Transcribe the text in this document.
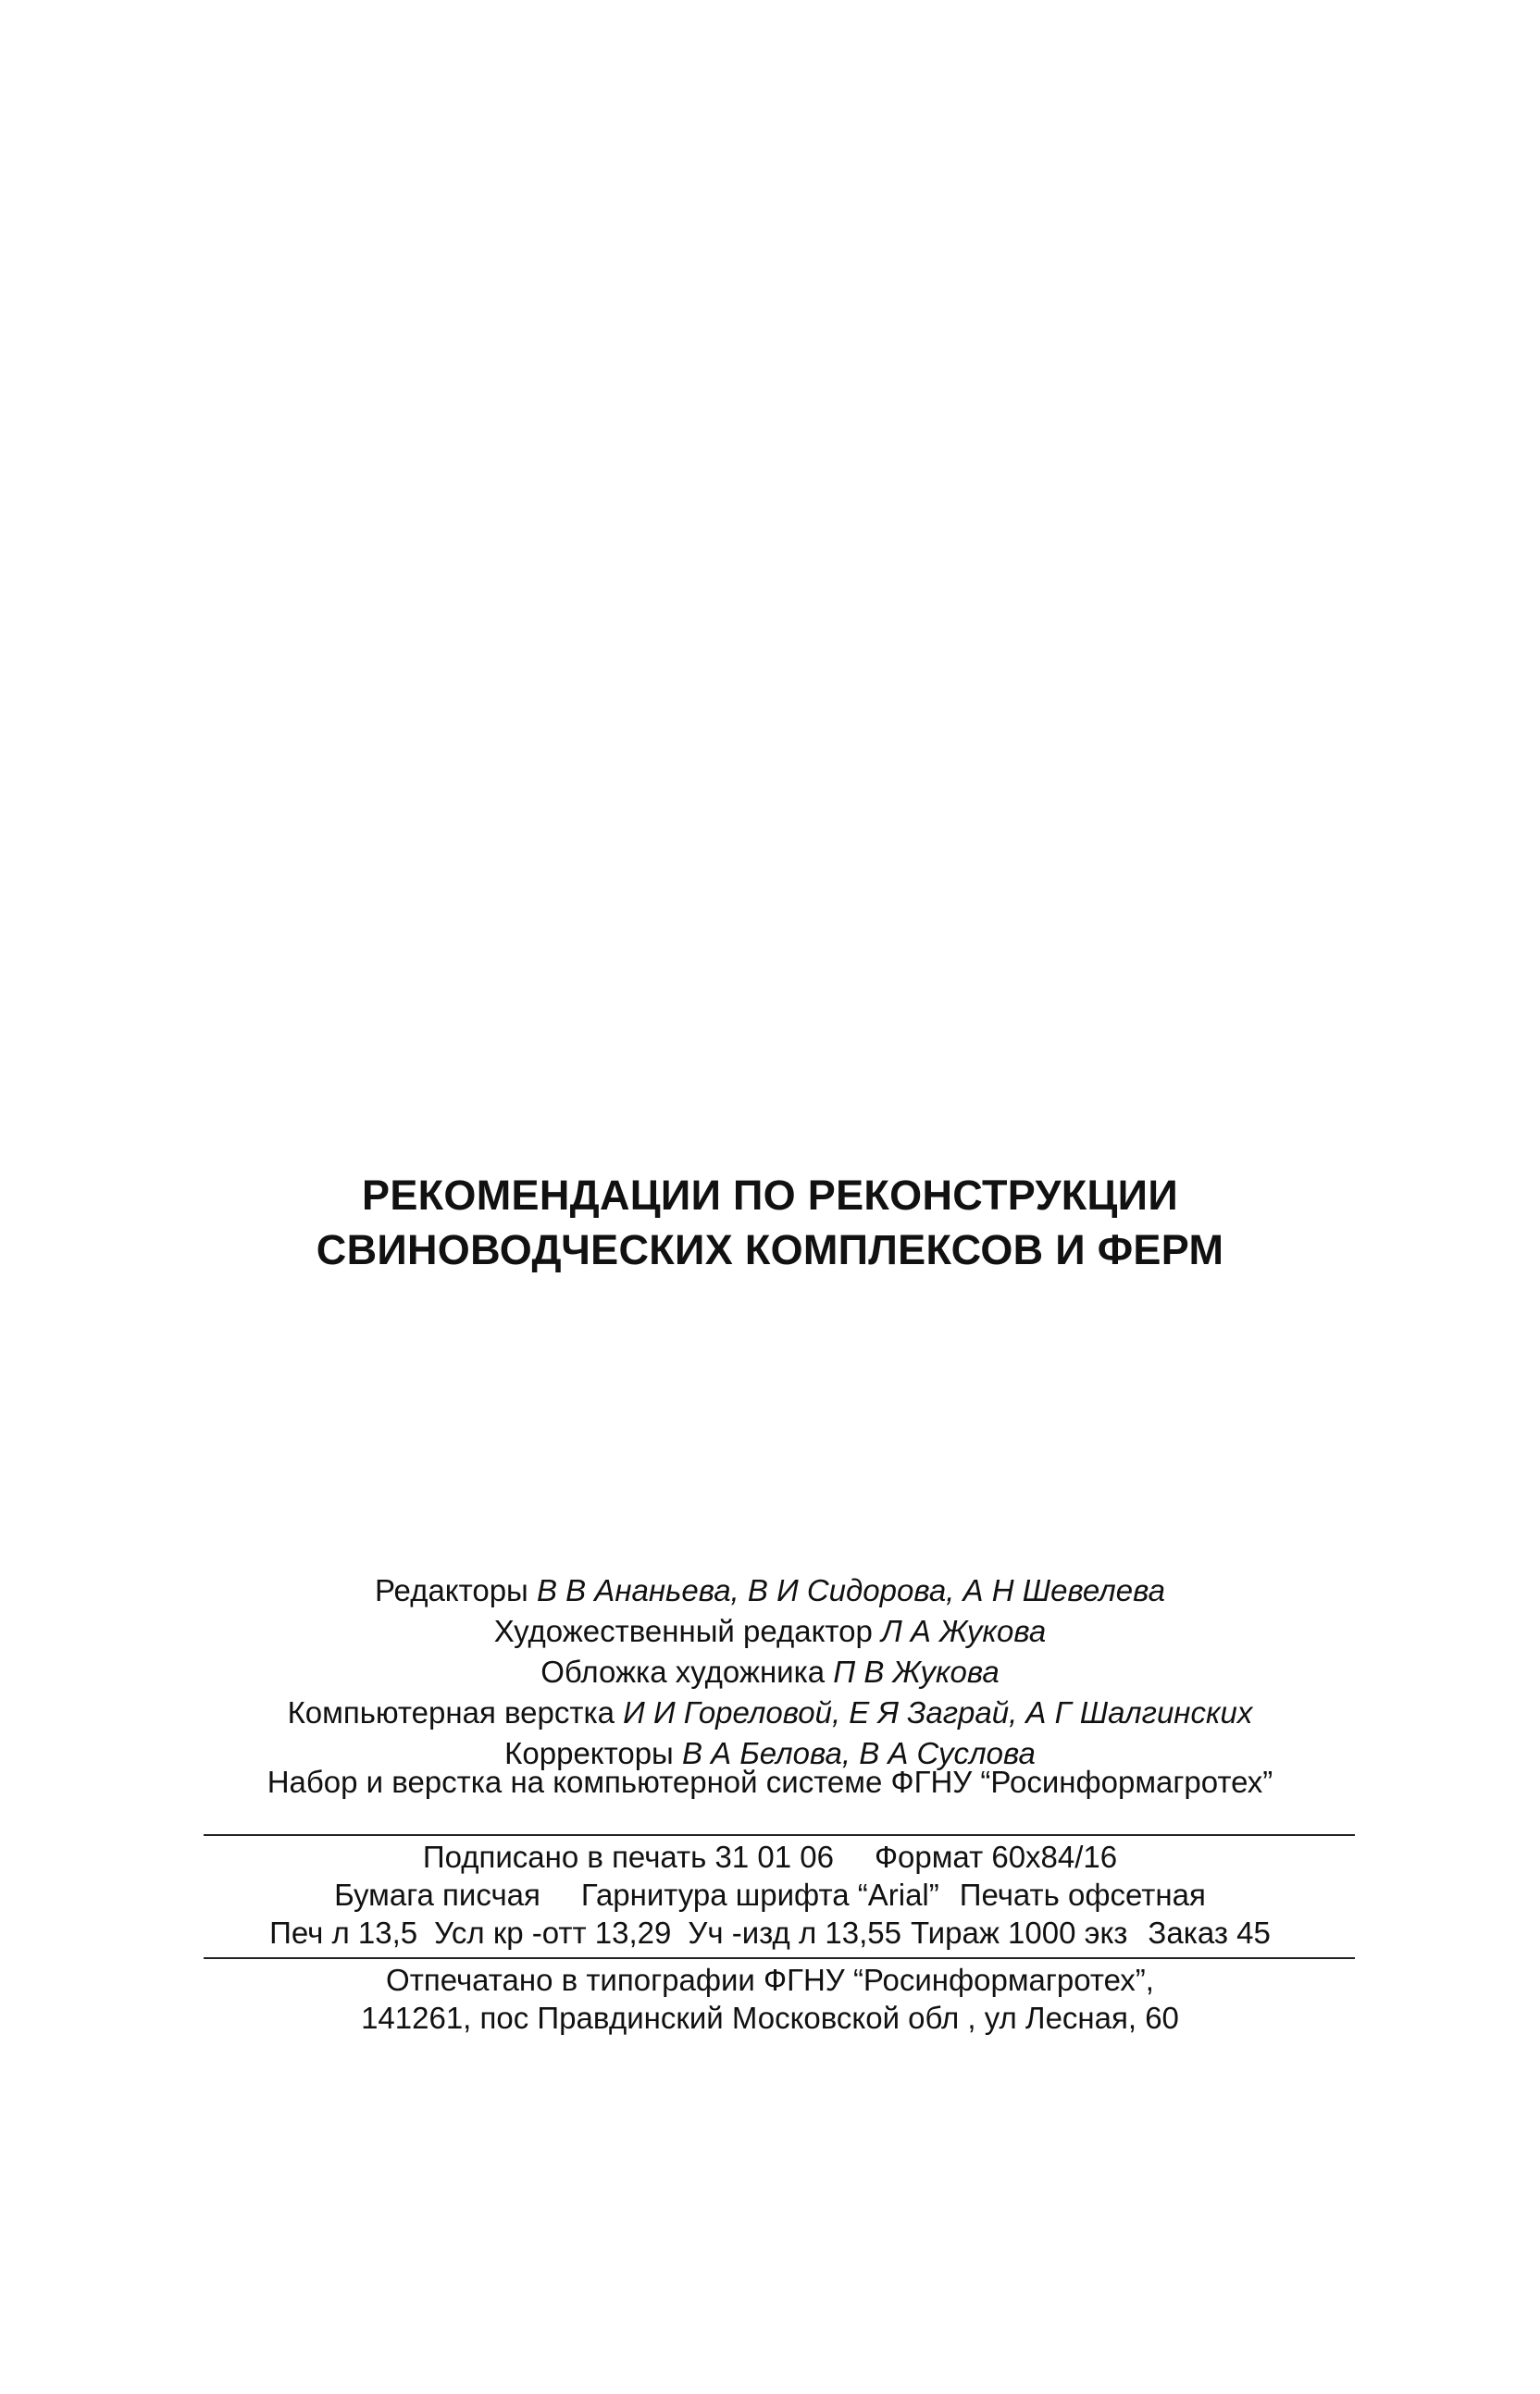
РЕКОМЕНДАЦИИ ПО РЕКОНСТРУКЦИИ
СВИНОВОДЧЕСКИХ КОМПЛЕКСОВ И ФЕРМ
Редакторы В В Ананьева, В И Сидорова, А Н Шевелева
Художественный редактор Л А Жукова
Обложка художника П В Жукова
Компьютерная верстка И И Гореловой, Е Я Заграй, А Г Шалгинских
Корректоры В А Белова, В А Суслова
Набор и верстка на компьютерной системе ФГНУ “Росинформагротех”
Подписано в печать 31 01 06 Формат 60x84/16
Бумага писчая Гарнитура шрифта “Arial” Печать офсетная
Печ л 13,5 Усл кр -отт 13,29 Уч -изд л 13,55 Тираж 1000 экз Заказ 45
Отпечатано в типографии ФГНУ “Росинформагротех”,
141261, пос Правдинский Московской обл , ул Лесная, 60
